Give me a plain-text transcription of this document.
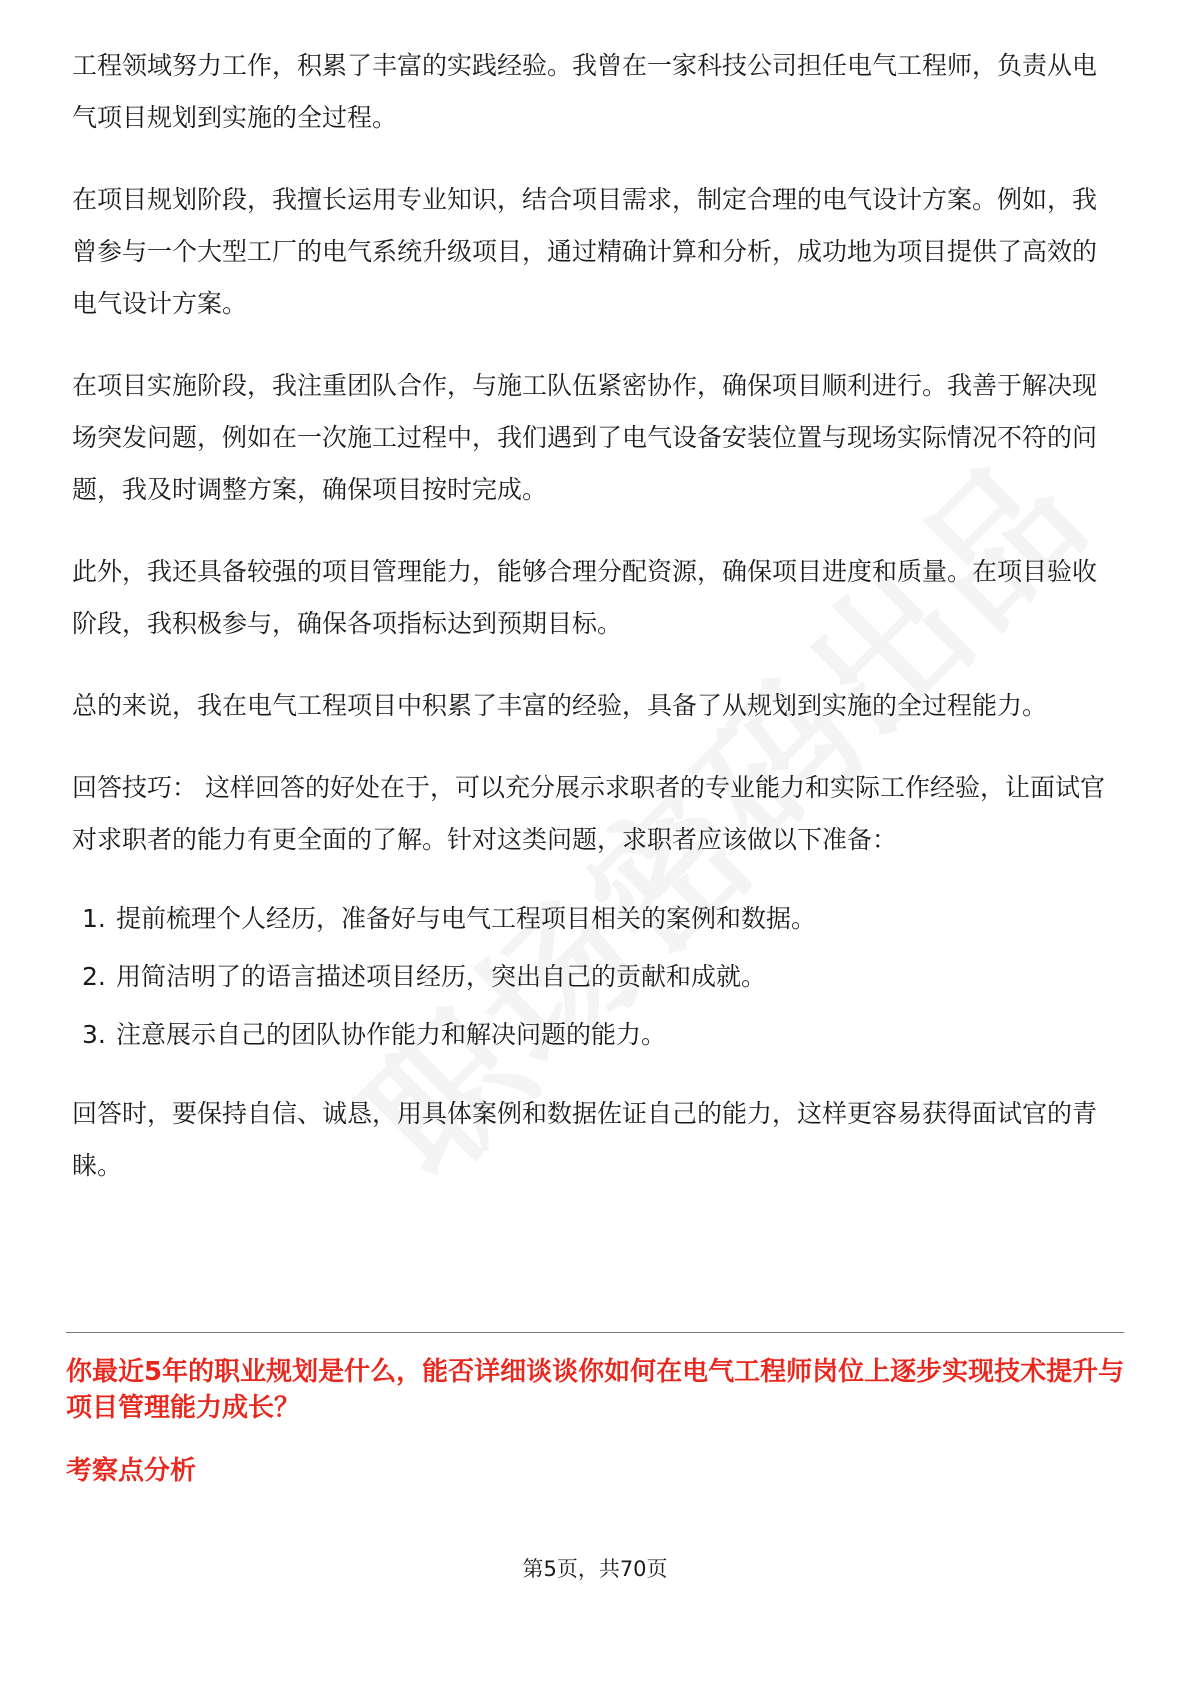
工程领域努力工作，积累了丰富的实践经验。我曾在一家科技公司担任电气工程师，负责从电气项目规划到实施的全过程。

在项目规划阶段，我擅长运用专业知识，结合项目需求，制定合理的电气设计方案。例如，我曾参与一个大型工厂的电气系统升级项目，通过精确计算和分析，成功地为项目提供了高效的电气设计方案。

在项目实施阶段，我注重团队合作，与施工队伍紧密协作，确保项目顺利进行。我善于解决现场突发问题，例如在一次施工过程中，我们遇到了电气设备安装位置与现场实际情况不符的问题，我及时调整方案，确保项目按时完成。

此外，我还具备较强的项目管理能力，能够合理分配资源，确保项目进度和质量。在项目验收阶段，我积极参与，确保各项指标达到预期目标。

总的来说，我在电气工程项目中积累了丰富的经验，具备了从规划到实施的全过程能力。

回答技巧： 这样回答的好处在于，可以充分展示求职者的专业能力和实际工作经验，让面试官对求职者的能力有更全面的了解。针对这类问题，求职者应该做以下准备：

1. 提前梳理个人经历，准备好与电气工程项目相关的案例和数据。
2. 用简洁明了的语言描述项目经历，突出自己的贡献和成就。
3. 注意展示自己的团队协作能力和解决问题的能力。

回答时，要保持自信、诚恳，用具体案例和数据佐证自己的能力，这样更容易获得面试官的青睐。

你最近5年的职业规划是什么，能否详细谈谈你如何在电气工程师岗位上逐步实现技术提升与项目管理能力成长？

考察点分析

第5页，共70页
